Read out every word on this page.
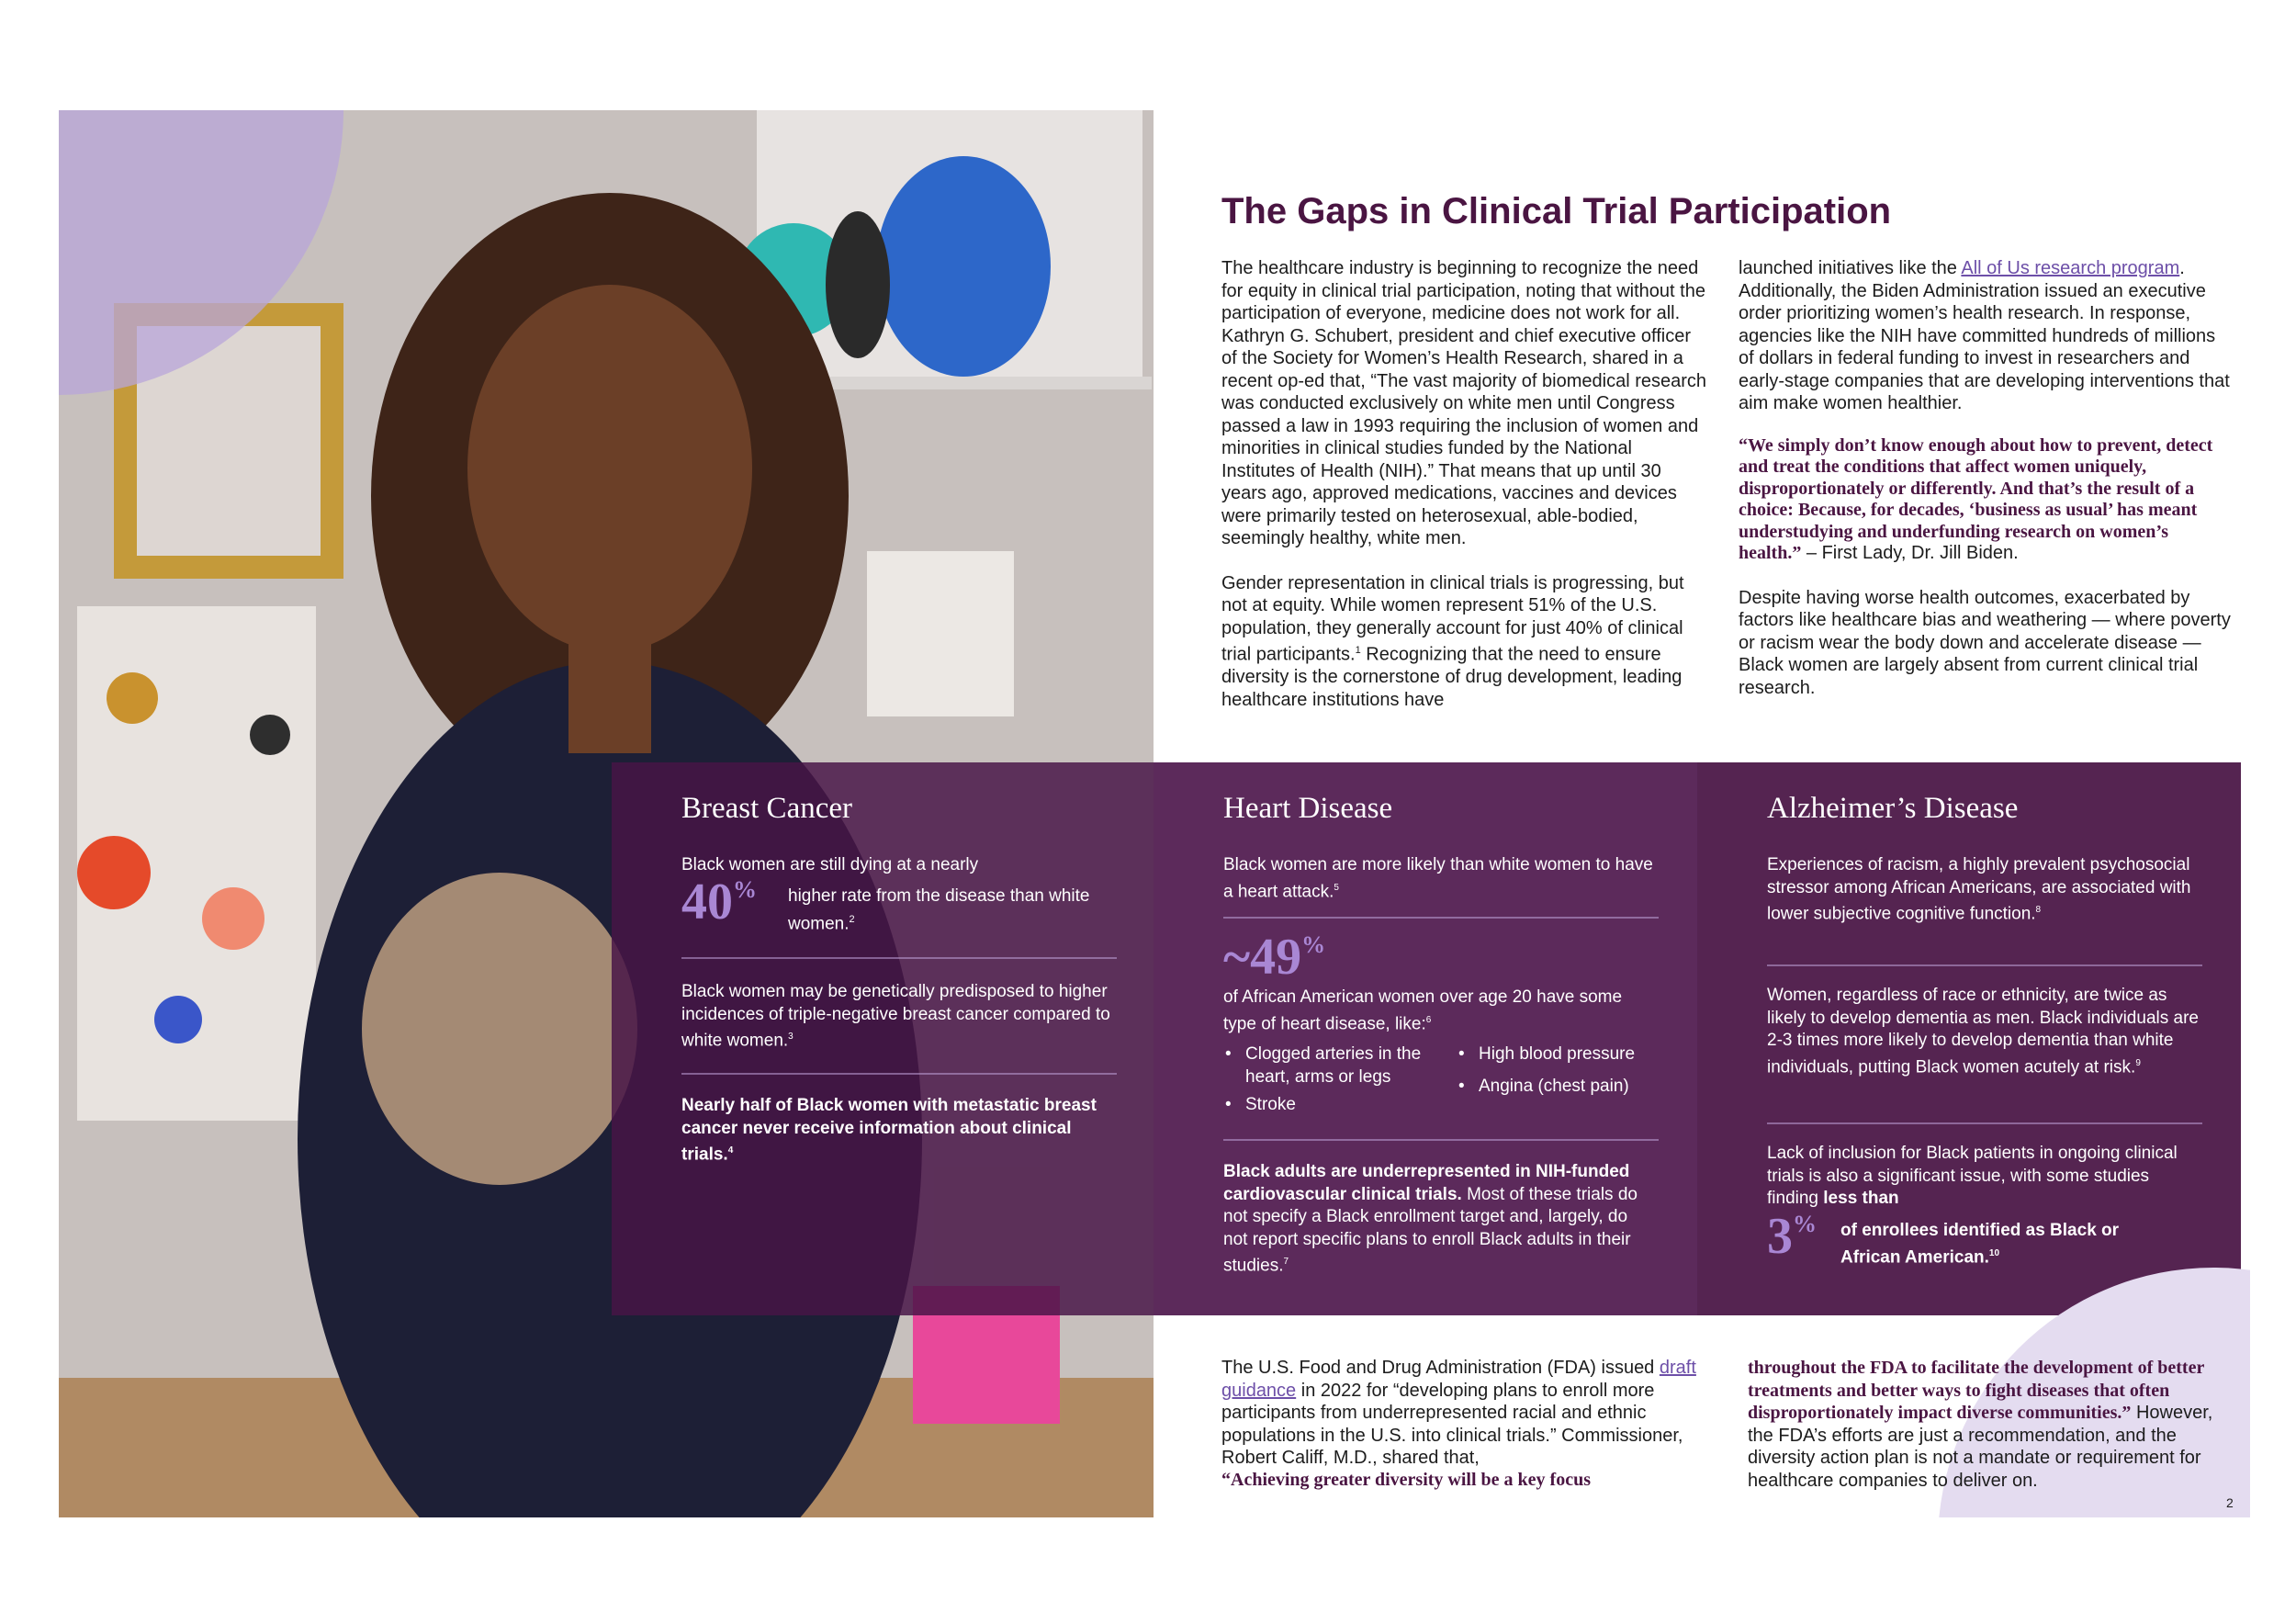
The Gaps in Clinical Trial Participation

The healthcare industry is beginning to recognize the need for equity in clinical trial participation, noting that without the participation of everyone, medicine does not work for all. Kathryn G. Schubert, president and chief executive officer of the Society for Women’s Health Research, shared in a recent op-ed that, “The vast majority of biomedical research was conducted exclusively on white men until Congress passed a law in 1993 requiring the inclusion of women and minorities in clinical studies funded by the National Institutes of Health (NIH).” That means that up until 30 years ago, approved medications, vaccines and devices were primarily tested on heterosexual, able-bodied, seemingly healthy, white men.

Gender representation in clinical trials is progressing, but not at equity. While women represent 51% of the U.S. population, they generally account for just 40% of clinical trial participants.$^1$ Recognizing that the need to ensure diversity is the cornerstone of drug development, leading healthcare institutions have

launched initiatives like the All of Us research program. Additionally, the Biden Administration issued an executive order prioritizing women’s health research. In response, agencies like the NIH have committed hundreds of millions of dollars in federal funding to invest in researchers and early-stage companies that are developing interventions that aim make women healthier.

“We simply don’t know enough about how to prevent, detect and treat the conditions that affect women uniquely, disproportionately or differently. And that’s the result of a choice: Because, for decades, ‘business as usual’ has meant understudying and underfunding research on women’s health.” – First Lady, Dr. Jill Biden.

Despite having worse health outcomes, exacerbated by factors like healthcare bias and weathering — where poverty or racism wear the body down and accelerate disease — Black women are largely absent from current clinical trial research.

Breast Cancer
Black women are still dying at a nearly
40% higher rate from the disease than white women.$^2$
Black women may be genetically predisposed to higher incidences of triple-negative breast cancer compared to white women.$^3$
Nearly half of Black women with metastatic breast cancer never receive information about clinical trials.$^4$
Heart Disease
Black women are more likely than white women to have a heart attack.$^5$
~49%
of African American women over age 20 have some type of heart disease, like:$^6$
• Clogged arteries in the heart, arms or legs
• Stroke
• High blood pressure
• Angina (chest pain)
Black adults are underrepresented in NIH-funded cardiovascular clinical trials. Most of these trials do not specify a Black enrollment target and, largely, do not report specific plans to enroll Black adults in their studies.$^7$
Alzheimer’s Disease
Experiences of racism, a highly prevalent psychosocial stressor among African Americans, are associated with lower subjective cognitive function.$^8$
Women, regardless of race or ethnicity, are twice as likely to develop dementia as men. Black individuals are 2-3 times more likely to develop dementia than white individuals, putting Black women acutely at risk.$^9$
Lack of inclusion for Black patients in ongoing clinical trials is also a significant issue, with some studies finding less than
3% of enrollees identified as Black or African American.$^{10}$

The U.S. Food and Drug Administration (FDA) issued draft guidance in 2022 for “developing plans to enroll more participants from underrepresented racial and ethnic populations in the U.S. into clinical trials.” Commissioner, Robert Califf, M.D., shared that,

“Achieving greater diversity will be a key focus

throughout the FDA to facilitate the development of better treatments and better ways to fight diseases that often disproportionately impact diverse communities.” However, the FDA’s efforts are just a recommendation, and the diversity action plan is not a mandate or requirement for healthcare companies to deliver on.

2
